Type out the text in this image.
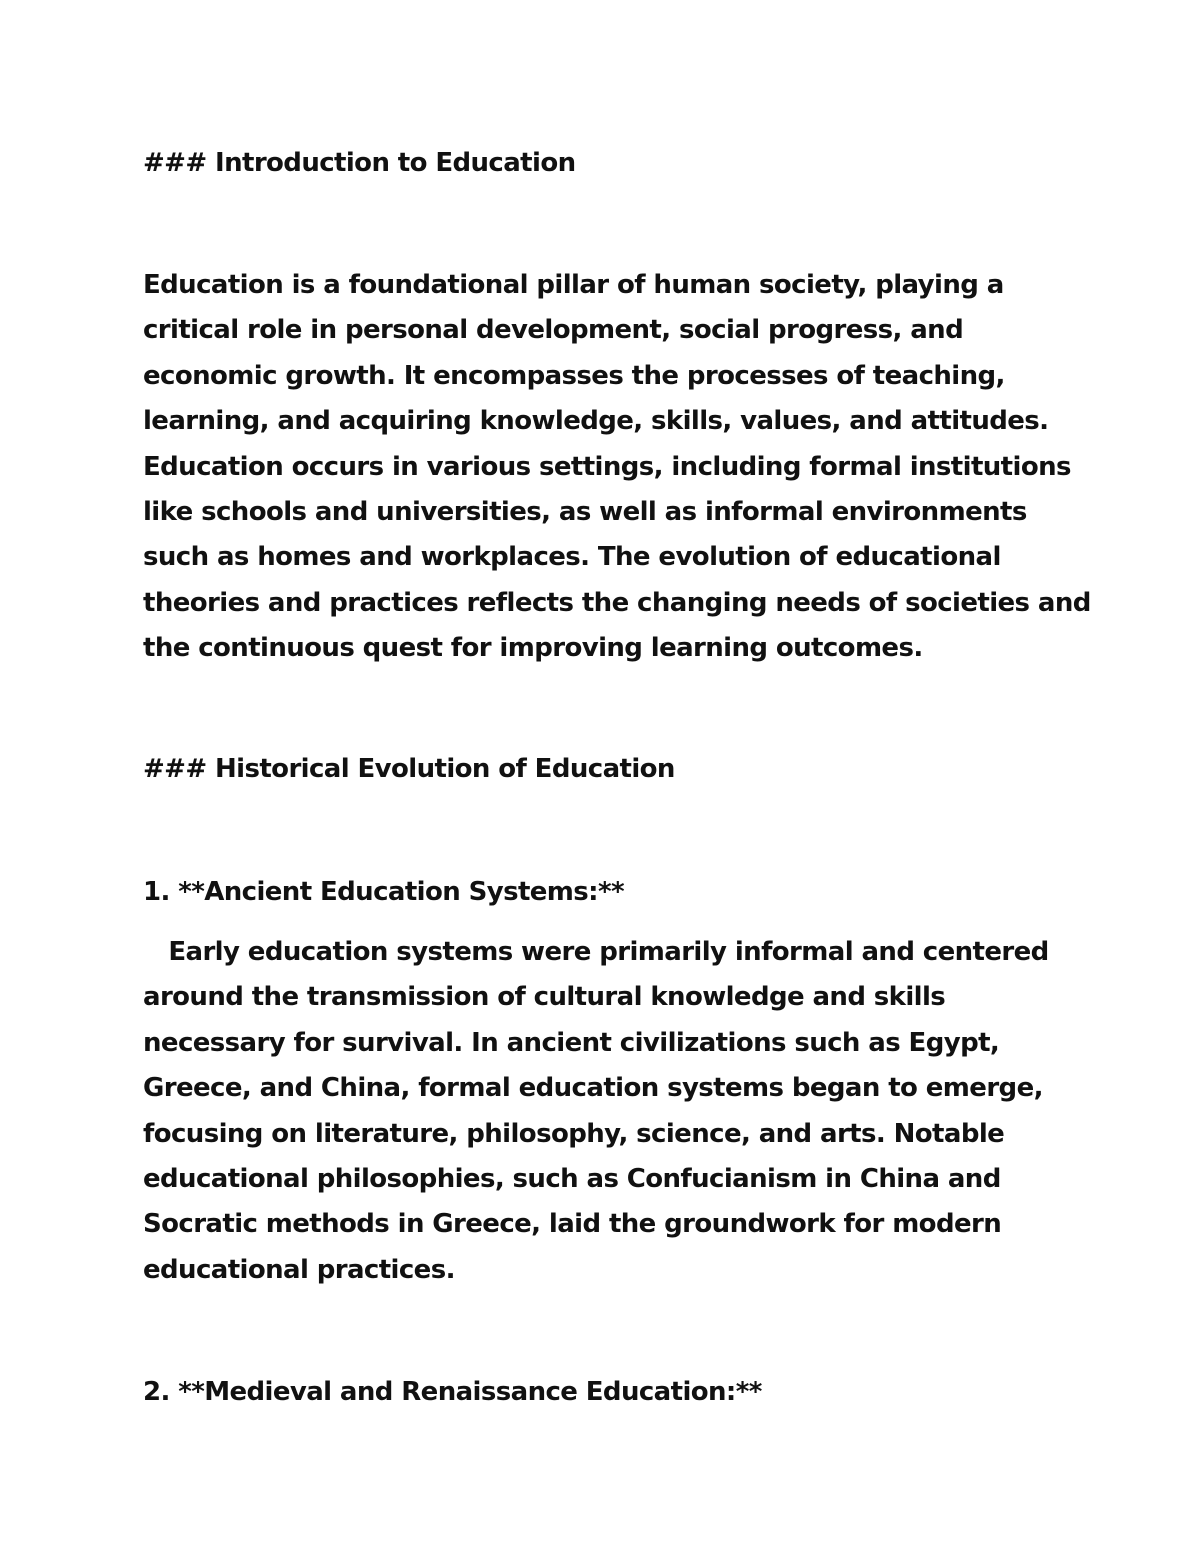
### Introduction to Education

Education is a foundational pillar of human society, playing a
critical role in personal development, social progress, and
economic growth. It encompasses the processes of teaching,
learning, and acquiring knowledge, skills, values, and attitudes.
Education occurs in various settings, including formal institutions
like schools and universities, as well as informal environments
such as homes and workplaces. The evolution of educational
theories and practices reflects the changing needs of societies and
the continuous quest for improving learning outcomes.

### Historical Evolution of Education
1. **Ancient Education Systems:**

Early education systems were primarily informal and centered
around the transmission of cultural knowledge and skills
necessary for survival. In ancient civilizations such as Egypt,
Greece, and China, formal education systems began to emerge,
focusing on literature, philosophy, science, and arts. Notable
educational philosophies, such as Confucianism in China and
Socratic methods in Greece, laid the groundwork for modern
educational practices.

2. **Medieval and Renaissance Education:**
